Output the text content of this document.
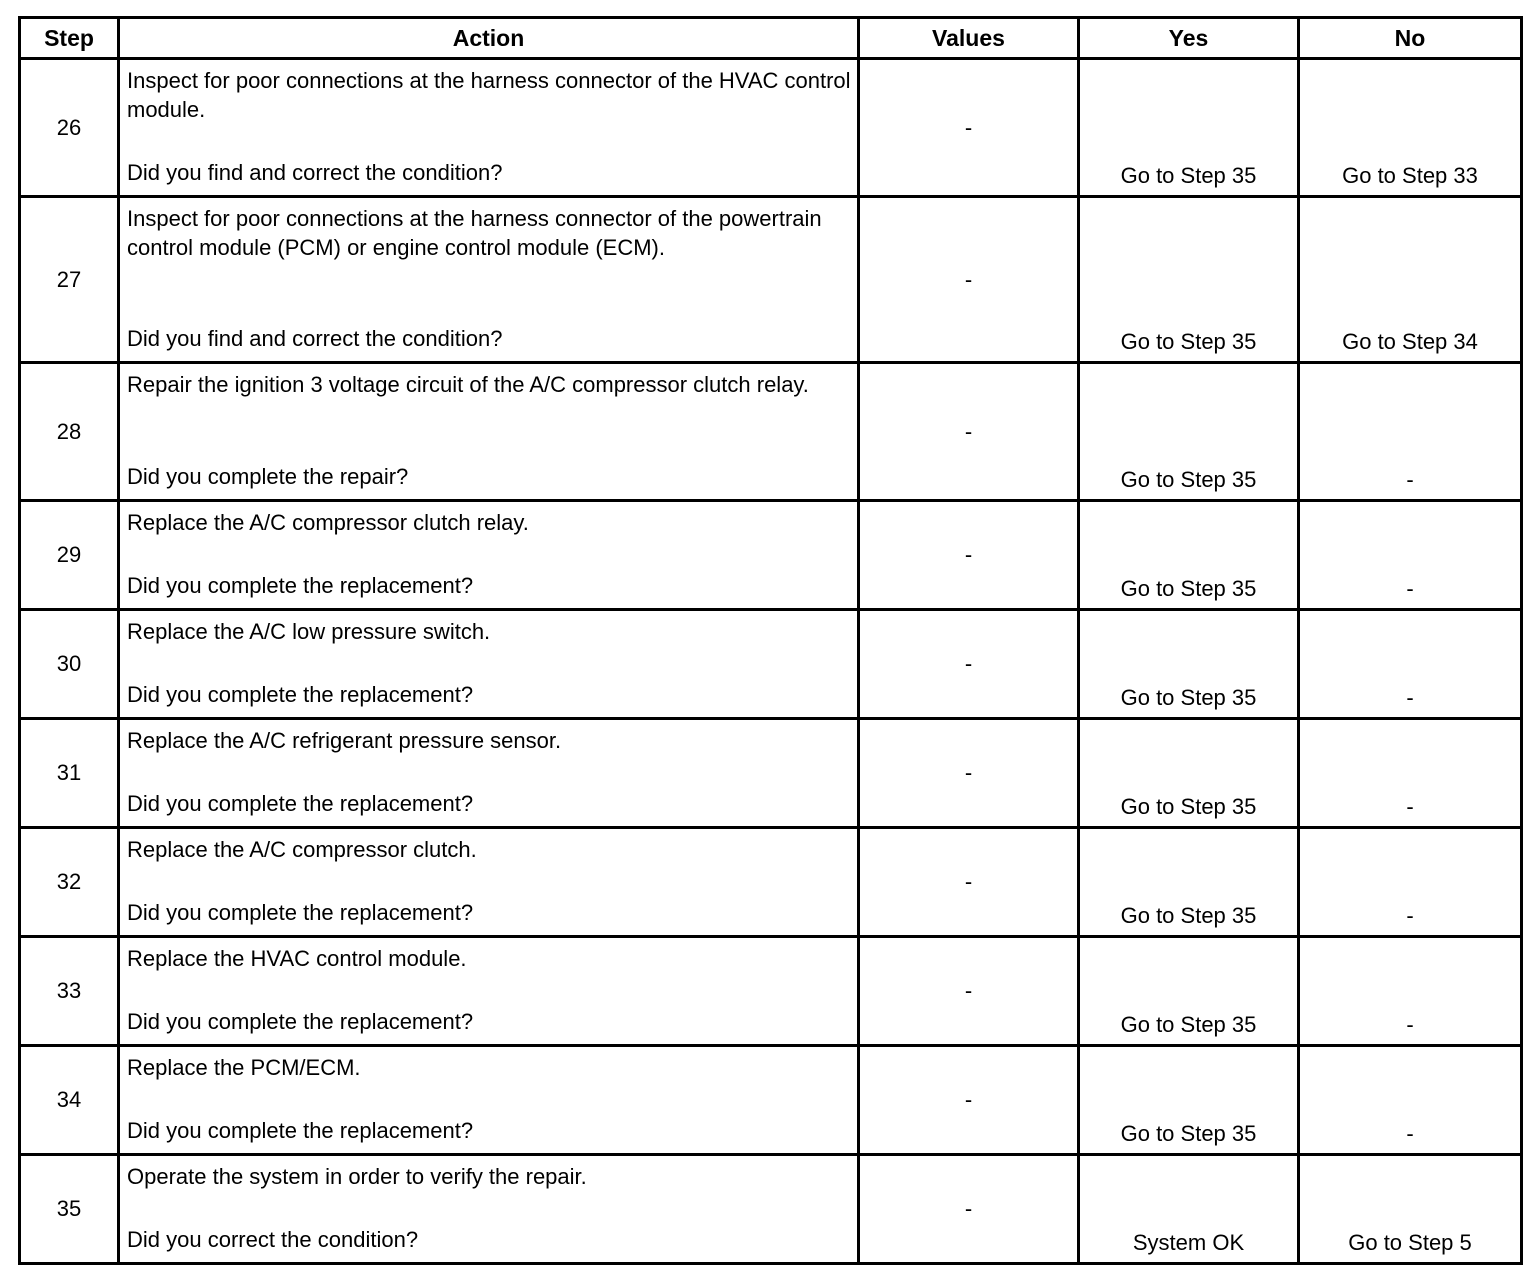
Step	Action	Values	Yes	No
26	Inspect for poor connections at the harness connector of the HVAC control module.
Did you find and correct the condition?	-	Go to Step 35	Go to Step 33
27	Inspect for poor connections at the harness connector of the powertrain control module (PCM) or engine control module (ECM).
Did you find and correct the condition?	-	Go to Step 35	Go to Step 34
28	Repair the ignition 3 voltage circuit of the A/C compressor clutch relay.
Did you complete the repair?	-	Go to Step 35	-
29	Replace the A/C compressor clutch relay.
Did you complete the replacement?	-	Go to Step 35	-
30	Replace the A/C low pressure switch.
Did you complete the replacement?	-	Go to Step 35	-
31	Replace the A/C refrigerant pressure sensor.
Did you complete the replacement?	-	Go to Step 35	-
32	Replace the A/C compressor clutch.
Did you complete the replacement?	-	Go to Step 35	-
33	Replace the HVAC control module.
Did you complete the replacement?	-	Go to Step 35	-
34	Replace the PCM/ECM.
Did you complete the replacement?	-	Go to Step 35	-
35	Operate the system in order to verify the repair.
Did you correct the condition?	-	System OK	Go to Step 5
